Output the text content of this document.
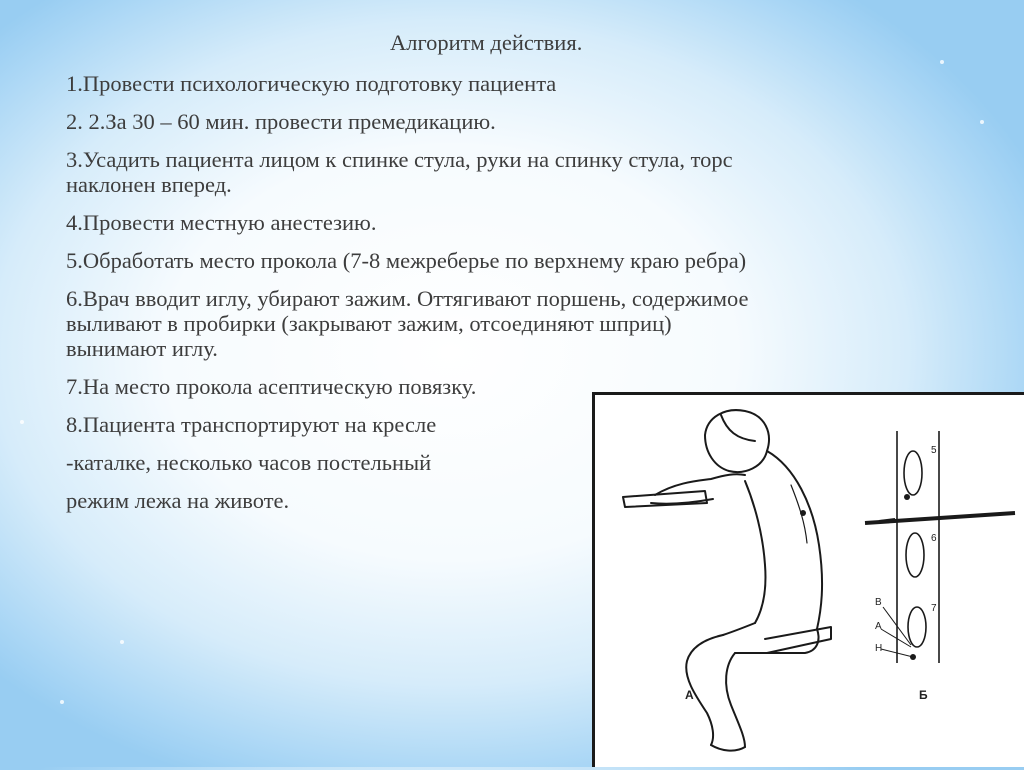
Алгоритм действия.
1.Провести психологическую подготовку пациента
2. 2.За 30 – 60 мин. провести премедикацию.
3.Усадить пациента лицом к спинке стула, руки на спинку стула, торс
наклонен вперед.
4.Провести местную анестезию.
5.Обработать место прокола (7-8 межреберье по верхнему краю ребра)
6.Врач вводит иглу, убирают зажим. Оттягивают поршень, содержимое
выливают в пробирки (закрывают зажим, отсоединяют шприц)
вынимают иглу.
7.На место прокола асептическую повязку.
8.Пациента транспортируют на кресле
-каталке, несколько часов постельный
режим лежа на животе.
А	Б
5
6
7
В
А
Н
